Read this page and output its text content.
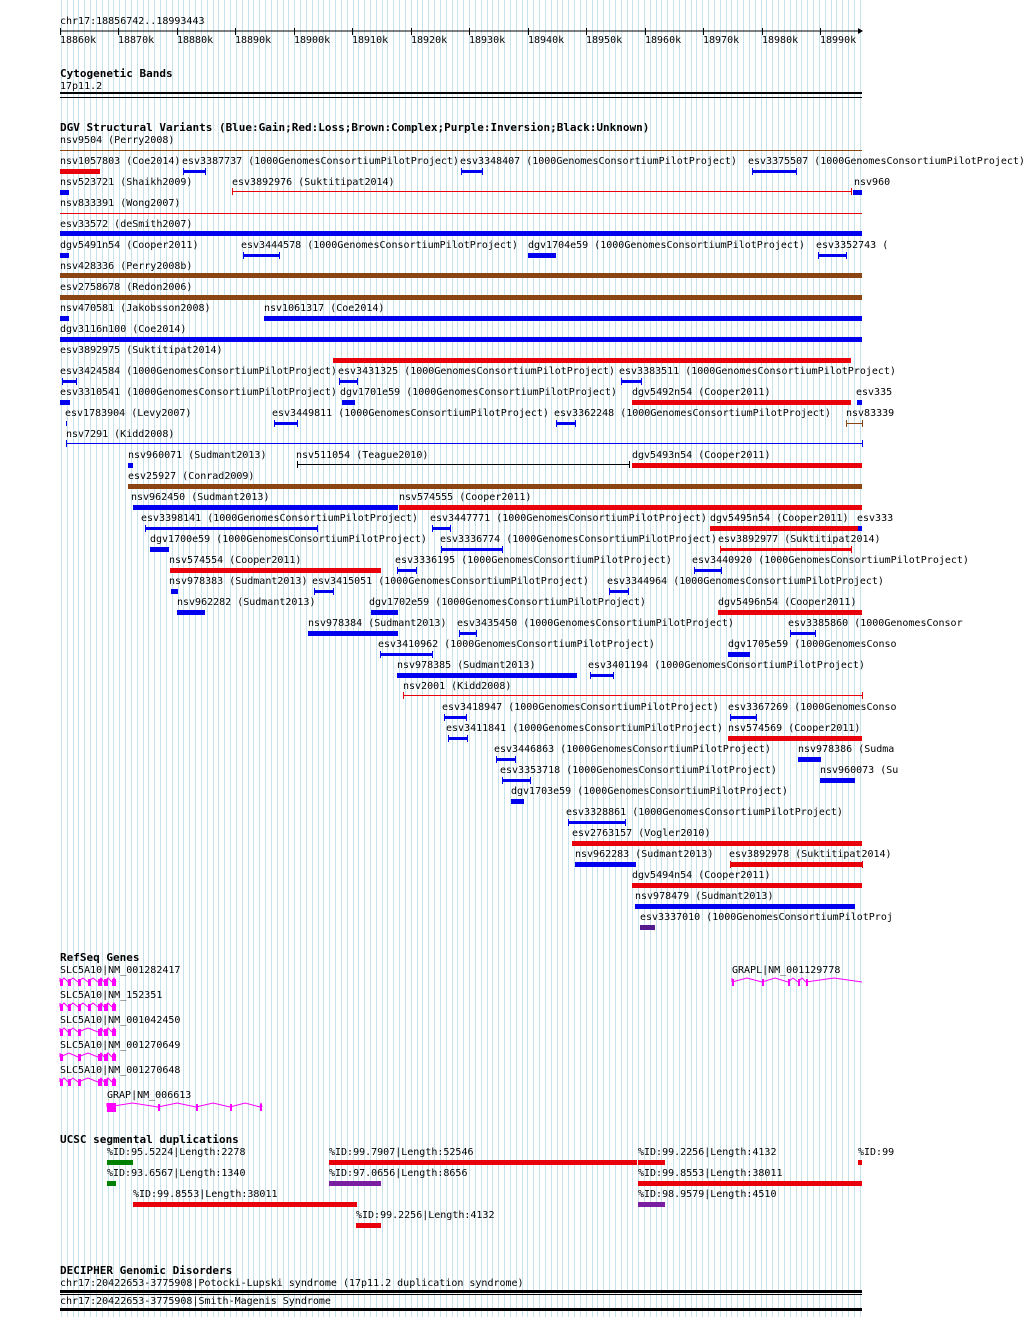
chr17:18856742..18993443
18860k 18870k 18880k 18890k 18900k 18910k 18920k 18930k 18940k 18950k 18960k 18970k 18980k 18990k
Cytogenetic Bands
17p11.2
DGV Structural Variants (Blue:Gain;Red:Loss;Brown:Complex;Purple:Inversion;Black:Unknown)
nsv9504 (Perry2008)
nsv1057803 (Coe2014) esv3387737 (1000GenomesConsortiumPilotProject) esv3348407 (1000GenomesConsortiumPilotProject) esv3375507 (1000GenomesConsortiumPilotProject)
nsv523721 (Shaikh2009)	esv3892976 (Suktitipat2014)	nsv960
nsv833391 (Wong2007)
esv33572 (deSmith2007)
dgv5491n54 (Cooper2011)	esv3444578 (1000GenomesConsortiumPilotProject) dgv1704e59 (1000GenomesConsortiumPilotProject) esv3352743 (
nsv428336 (Perry2008b)
esv2758678 (Redon2006)
nsv470581 (Jakobsson2008)	nsv1061317 (Coe2014)
dgv3116n100 (Coe2014)
esv3892975 (Suktitipat2014)
esv3424584 (1000GenomesConsortiumPilotProject) esv3431325 (1000GenomesConsortiumPilotProject) esv3383511 (1000GenomesConsortiumPilotProject)
esv3310541 (1000GenomesConsortiumPilotProject) dgv1701e59 (1000GenomesConsortiumPilotProject) dgv5492n54 (Cooper2011)	esv335
esv1783904 (Levy2007)	esv3449811 (1000GenomesConsortiumPilotProject) esv3362248 (1000GenomesConsortiumPilotProject) nsv83339
nsv7291 (Kidd2008)
nsv960071 (Sudmant2013)	nsv511054 (Teague2010)	dgv5493n54 (Cooper2011)
esv25927 (Conrad2009)
nsv962450 (Sudmant2013)	nsv574555 (Cooper2011)
esv3398141 (1000GenomesConsortiumPilotProject) esv3447771 (1000GenomesConsortiumPilotProject) dgv5495n54 (Cooper2011) esv333
dgv1700e59 (1000GenomesConsortiumPilotProject) esv3336774 (1000GenomesConsortiumPilotProject) esv3892977 (Suktitipat2014)
nsv574554 (Cooper2011)	esv3336195 (1000GenomesConsortiumPilotProject) esv3440920 (1000GenomesConsortiumPilotProject)
nsv978383 (Sudmant2013) esv3415051 (1000GenomesConsortiumPilotProject) esv3344964 (1000GenomesConsortiumPilotProject)
nsv962282 (Sudmant2013)	dgv1702e59 (1000GenomesConsortiumPilotProject)	dgv5496n54 (Cooper2011)
nsv978384 (Sudmant2013) esv3435450 (1000GenomesConsortiumPilotProject)	esv3385860 (1000GenomesConsor
esv3410962 (1000GenomesConsortiumPilotProject)	dgv1705e59 (1000GenomesConso
nsv978385 (Sudmant2013)	esv3401194 (1000GenomesConsortiumPilotProject)
nsv2001 (Kidd2008)
esv3418947 (1000GenomesConsortiumPilotProject) esv3367269 (1000GenomesConso
esv3411841 (1000GenomesConsortiumPilotProject) nsv574569 (Cooper2011)
esv3446863 (1000GenomesConsortiumPilotProject)	nsv978386 (Sudma
esv3353718 (1000GenomesConsortiumPilotProject)	nsv960073 (Su
dgv1703e59 (1000GenomesConsortiumPilotProject)
esv3328861 (1000GenomesConsortiumPilotProject)
esv2763157 (Vogler2010)
nsv962283 (Sudmant2013) esv3892978 (Suktitipat2014)
dgv5494n54 (Cooper2011)
nsv978479 (Sudmant2013)
esv3337010 (1000GenomesConsortiumPilotProj
RefSeq Genes
SLC5A10|NM_001282417	GRAPL|NM_001129778
SLC5A10|NM_152351
SLC5A10|NM_001042450
SLC5A10|NM_001270649
SLC5A10|NM_001270648
GRAP|NM_006613
UCSC segmental duplications
%ID:95.5224|Length:2278	%ID:99.7907|Length:52546	%ID:99.2256|Length:4132	%ID:99
%ID:93.6567|Length:1340	%ID:97.0656|Length:8656	%ID:99.8553|Length:38011
%ID:99.8553|Length:38011	%ID:98.9579|Length:4510
%ID:99.2256|Length:4132
DECIPHER Genomic Disorders
chr17:20422653-3775908|Potocki-Lupski syndrome (17p11.2 duplication syndrome)
chr17:20422653-3775908|Smith-Magenis Syndrome
